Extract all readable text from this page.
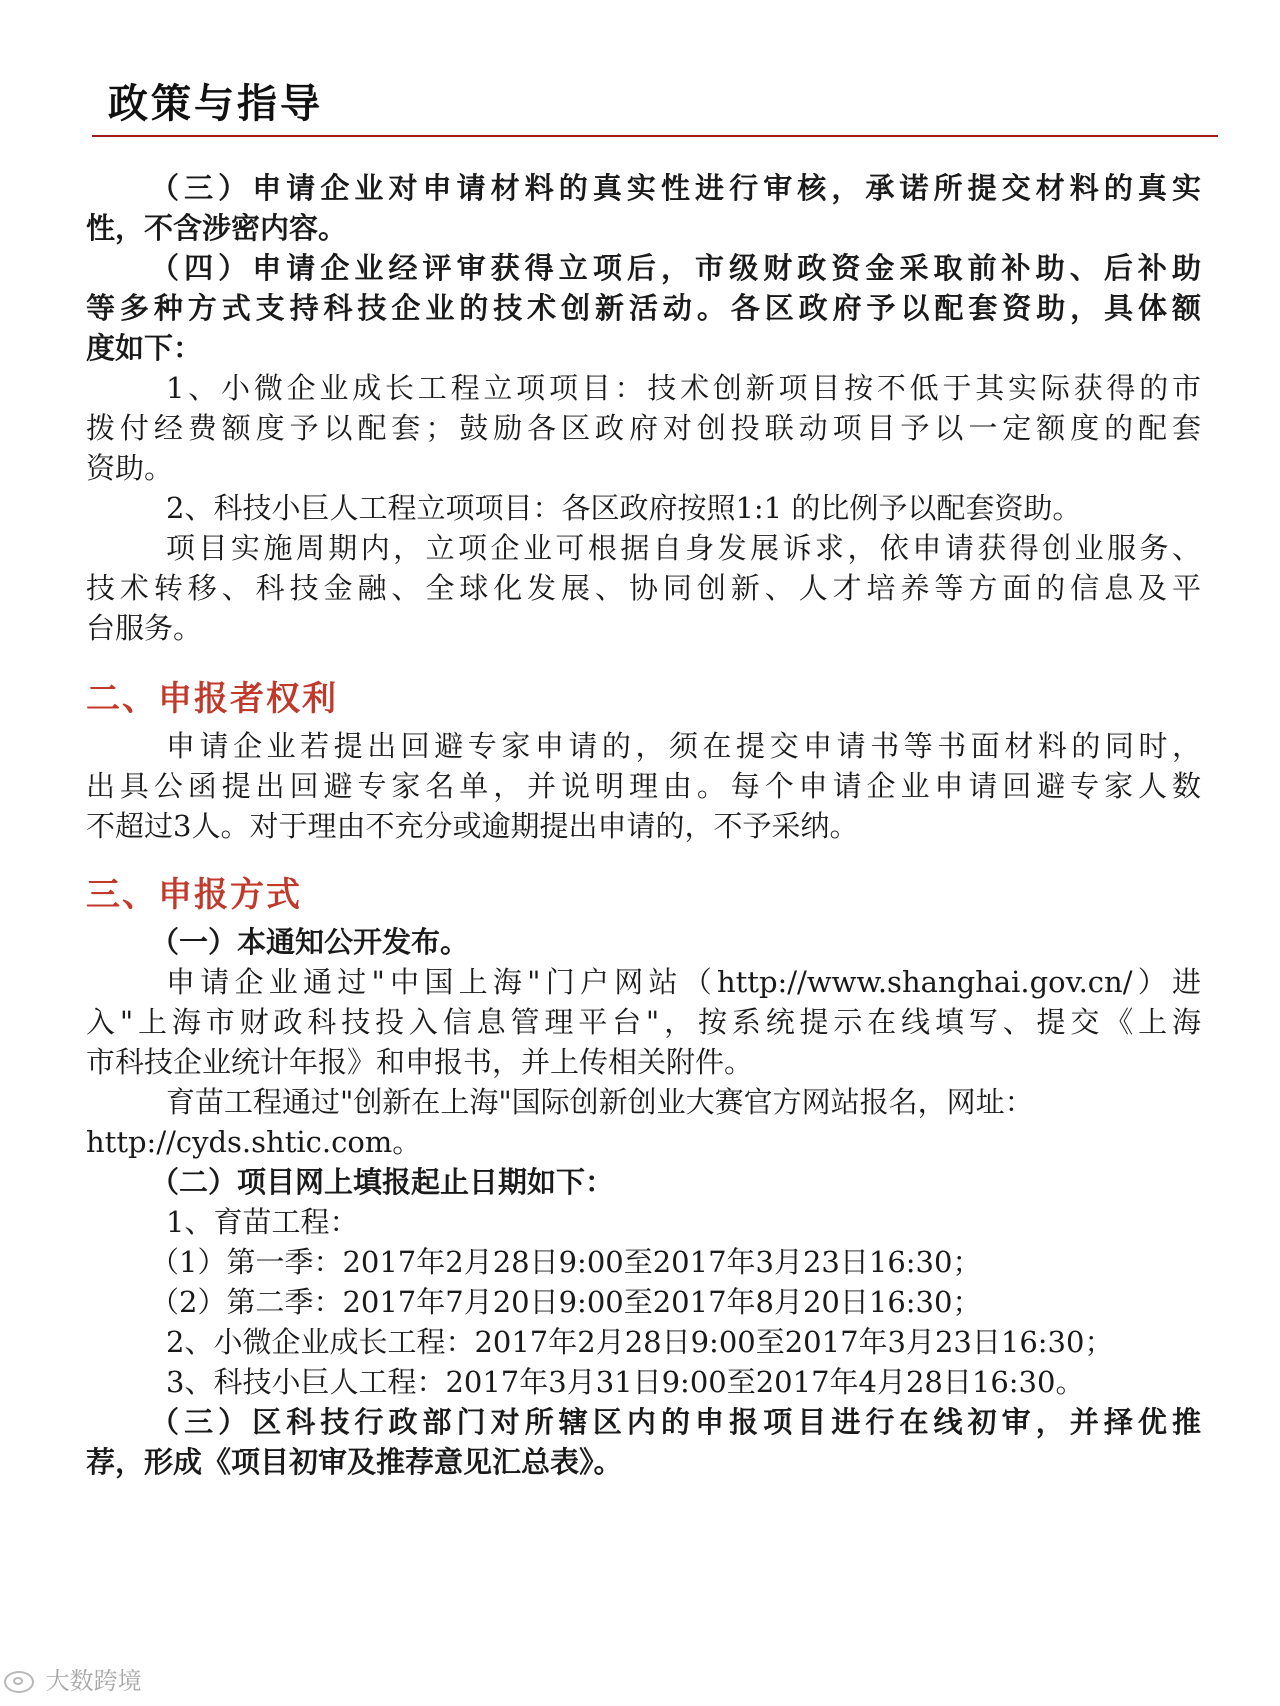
政策与指导
（三）申请企业对申请材料的真实性进行审核，承诺所提交材料的真实
性，不含涉密内容。
（四）申请企业经评审获得立项后，市级财政资金采取前补助、后补助
等多种方式支持科技企业的技术创新活动。各区政府予以配套资助，具体额
度如下：
1、小微企业成长工程立项项目：技术创新项目按不低于其实际获得的市
拨付经费额度予以配套；鼓励各区政府对创投联动项目予以一定额度的配套
资助。
2、科技小巨人工程立项项目：各区政府按照1:1 的比例予以配套资助。
项目实施周期内，立项企业可根据自身发展诉求，依申请获得创业服务、
技术转移、科技金融、全球化发展、协同创新、人才培养等方面的信息及平
台服务。
二、申报者权利
申请企业若提出回避专家申请的，须在提交申请书等书面材料的同时，
出具公函提出回避专家名单，并说明理由。每个申请企业申请回避专家人数
不超过3人。对于理由不充分或逾期提出申请的，不予采纳。
三、申报方式
（一）本通知公开发布。
申请企业通过"中国上海"门户网站（http://www.shanghai.gov.cn/）进
入"上海市财政科技投入信息管理平台"，按系统提示在线填写、提交《上海
市科技企业统计年报》和申报书，并上传相关附件。
育苗工程通过"创新在上海"国际创新创业大赛官方网站报名，网址：
http://cyds.shtic.com。
（二）项目网上填报起止日期如下：
1、育苗工程：
（1）第一季：2017年2月28日9:00至2017年3月23日16:30；
（2）第二季：2017年7月20日9:00至2017年8月20日16:30；
2、小微企业成长工程：2017年2月28日9:00至2017年3月23日16:30；
3、科技小巨人工程：2017年3月31日9:00至2017年4月28日16:30。
（三）区科技行政部门对所辖区内的申报项目进行在线初审，并择优推
荐，形成《项目初审及推荐意见汇总表》。
大数跨境
